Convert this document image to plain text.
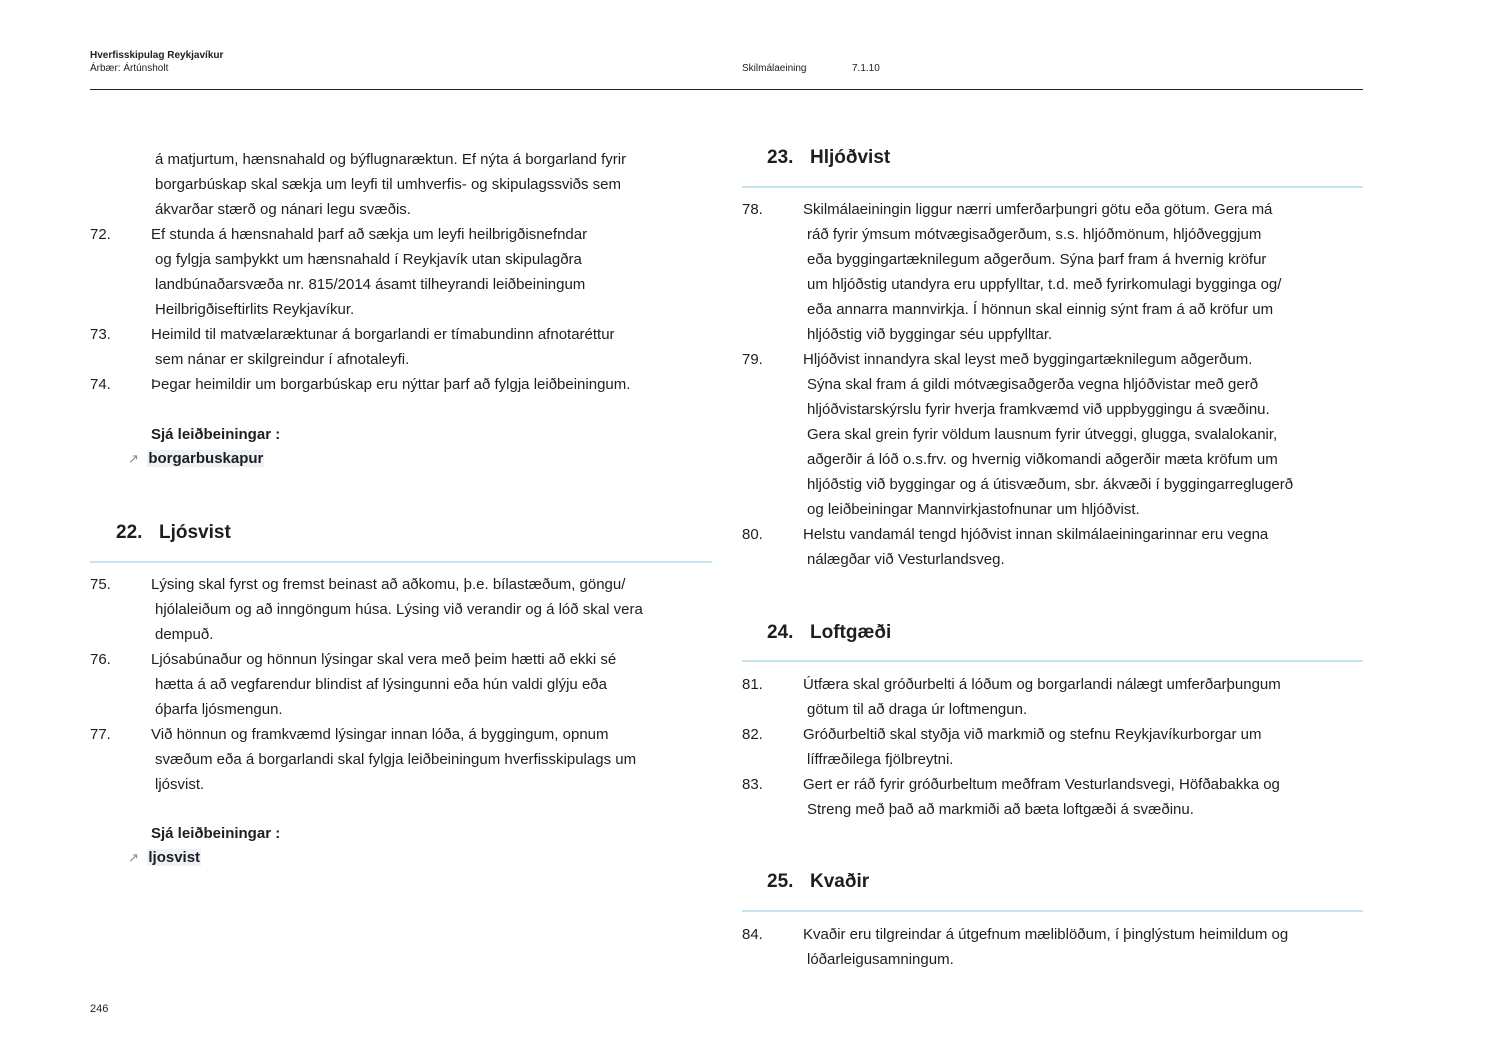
Hverfisskipulag Reykjavíkur
Árbær: Ártúnsholt	Skilmálaeining	7.1.10
á matjurtum, hænsnahald og býflugnaræktun. Ef nýta á borgarland fyrir
borgarbúskap skal sækja um leyfi til umhverfis- og skipulagssviðs sem
ákvarðar stærð og nánari legu svæðis.
72.	Ef stunda á hænsnahald þarf að sækja um leyfi heilbrigðisnefndar
og fylgja samþykkt um hænsnahald í Reykjavík utan skipulagðra
landbúnaðarsvæða nr. 815/2014 ásamt tilheyrandi leiðbeiningum
Heilbrigðiseftirlits Reykjavíkur.
73.	Heimild til matvælaræktunar á borgarlandi er tímabundinn afnotaréttur
sem nánar er skilgreindur í afnotaleyfi.
74.	Þegar heimildir um borgarbúskap eru nýttar þarf að fylgja leiðbeiningum.
Sjá leiðbeiningar :
↗ borgarbuskapur
22. Ljósvist
75.	Lýsing skal fyrst og fremst beinast að aðkomu, þ.e. bílastæðum, göngu/
hjólaleiðum og að inngöngum húsa. Lýsing við verandir og á lóð skal vera
dempuð.
76.	Ljósabúnaður og hönnun lýsingar skal vera með þeim hætti að ekki sé
hætta á að vegfarendur blindist af lýsingunni eða hún valdi glýju eða
óþarfa ljósmengun.
77.	Við hönnun og framkvæmd lýsingar innan lóða, á byggingum, opnum
svæðum eða á borgarlandi skal fylgja leiðbeiningum hverfisskipulags um
ljósvist.
Sjá leiðbeiningar :
↗ ljosvist
23. Hljóðvist
78.	Skilmálaeiningin liggur nærri umferðarþungri götu eða götum. Gera má
ráð fyrir ýmsum mótvægisaðgerðum, s.s. hljóðmönum, hljóðveggjum
eða byggingartæknilegum aðgerðum. Sýna þarf fram á hvernig kröfur
um hljóðstig utandyra eru uppfylltar, t.d. með fyrirkomulagi bygginga og/
eða annarra mannvirkja. Í hönnun skal einnig sýnt fram á að kröfur um
hljóðstig við byggingar séu uppfylltar.
79.	Hljóðvist innandyra skal leyst með byggingartæknilegum aðgerðum.
Sýna skal fram á gildi mótvægisaðgerða vegna hljóðvistar með gerð
hljóðvistarskýrslu fyrir hverja framkvæmd við uppbyggingu á svæðinu.
Gera skal grein fyrir völdum lausnum fyrir útveggi, glugga, svalalokanir,
aðgerðir á lóð o.s.frv. og hvernig viðkomandi aðgerðir mæta kröfum um
hljóðstig við byggingar og á útisvæðum, sbr. ákvæði í byggingarreglugerð
og leiðbeiningar Mannvirkjastofnunar um hljóðvist.
80.	Helstu vandamál tengd hjóðvist innan skilmálaeiningarinnar eru vegna
nálægðar við Vesturlandsveg.
24. Loftgæði
81.	Útfæra skal gróðurbelti á lóðum og borgarlandi nálægt umferðarþungum
götum til að draga úr loftmengun.
82.	Gróðurbeltið skal styðja við markmið og stefnu Reykjavíkurborgar um
líffræðilega fjölbreytni.
83.	Gert er ráð fyrir gróðurbeltum meðfram Vesturlandsvegi, Höfðabakka og
Streng með það að markmiði að bæta loftgæði á svæðinu.
25. Kvaðir
84.	Kvaðir eru tilgreindar á útgefnum mæliblöðum, í þinglýstum heimildum og
lóðarleigusamningum.
246
